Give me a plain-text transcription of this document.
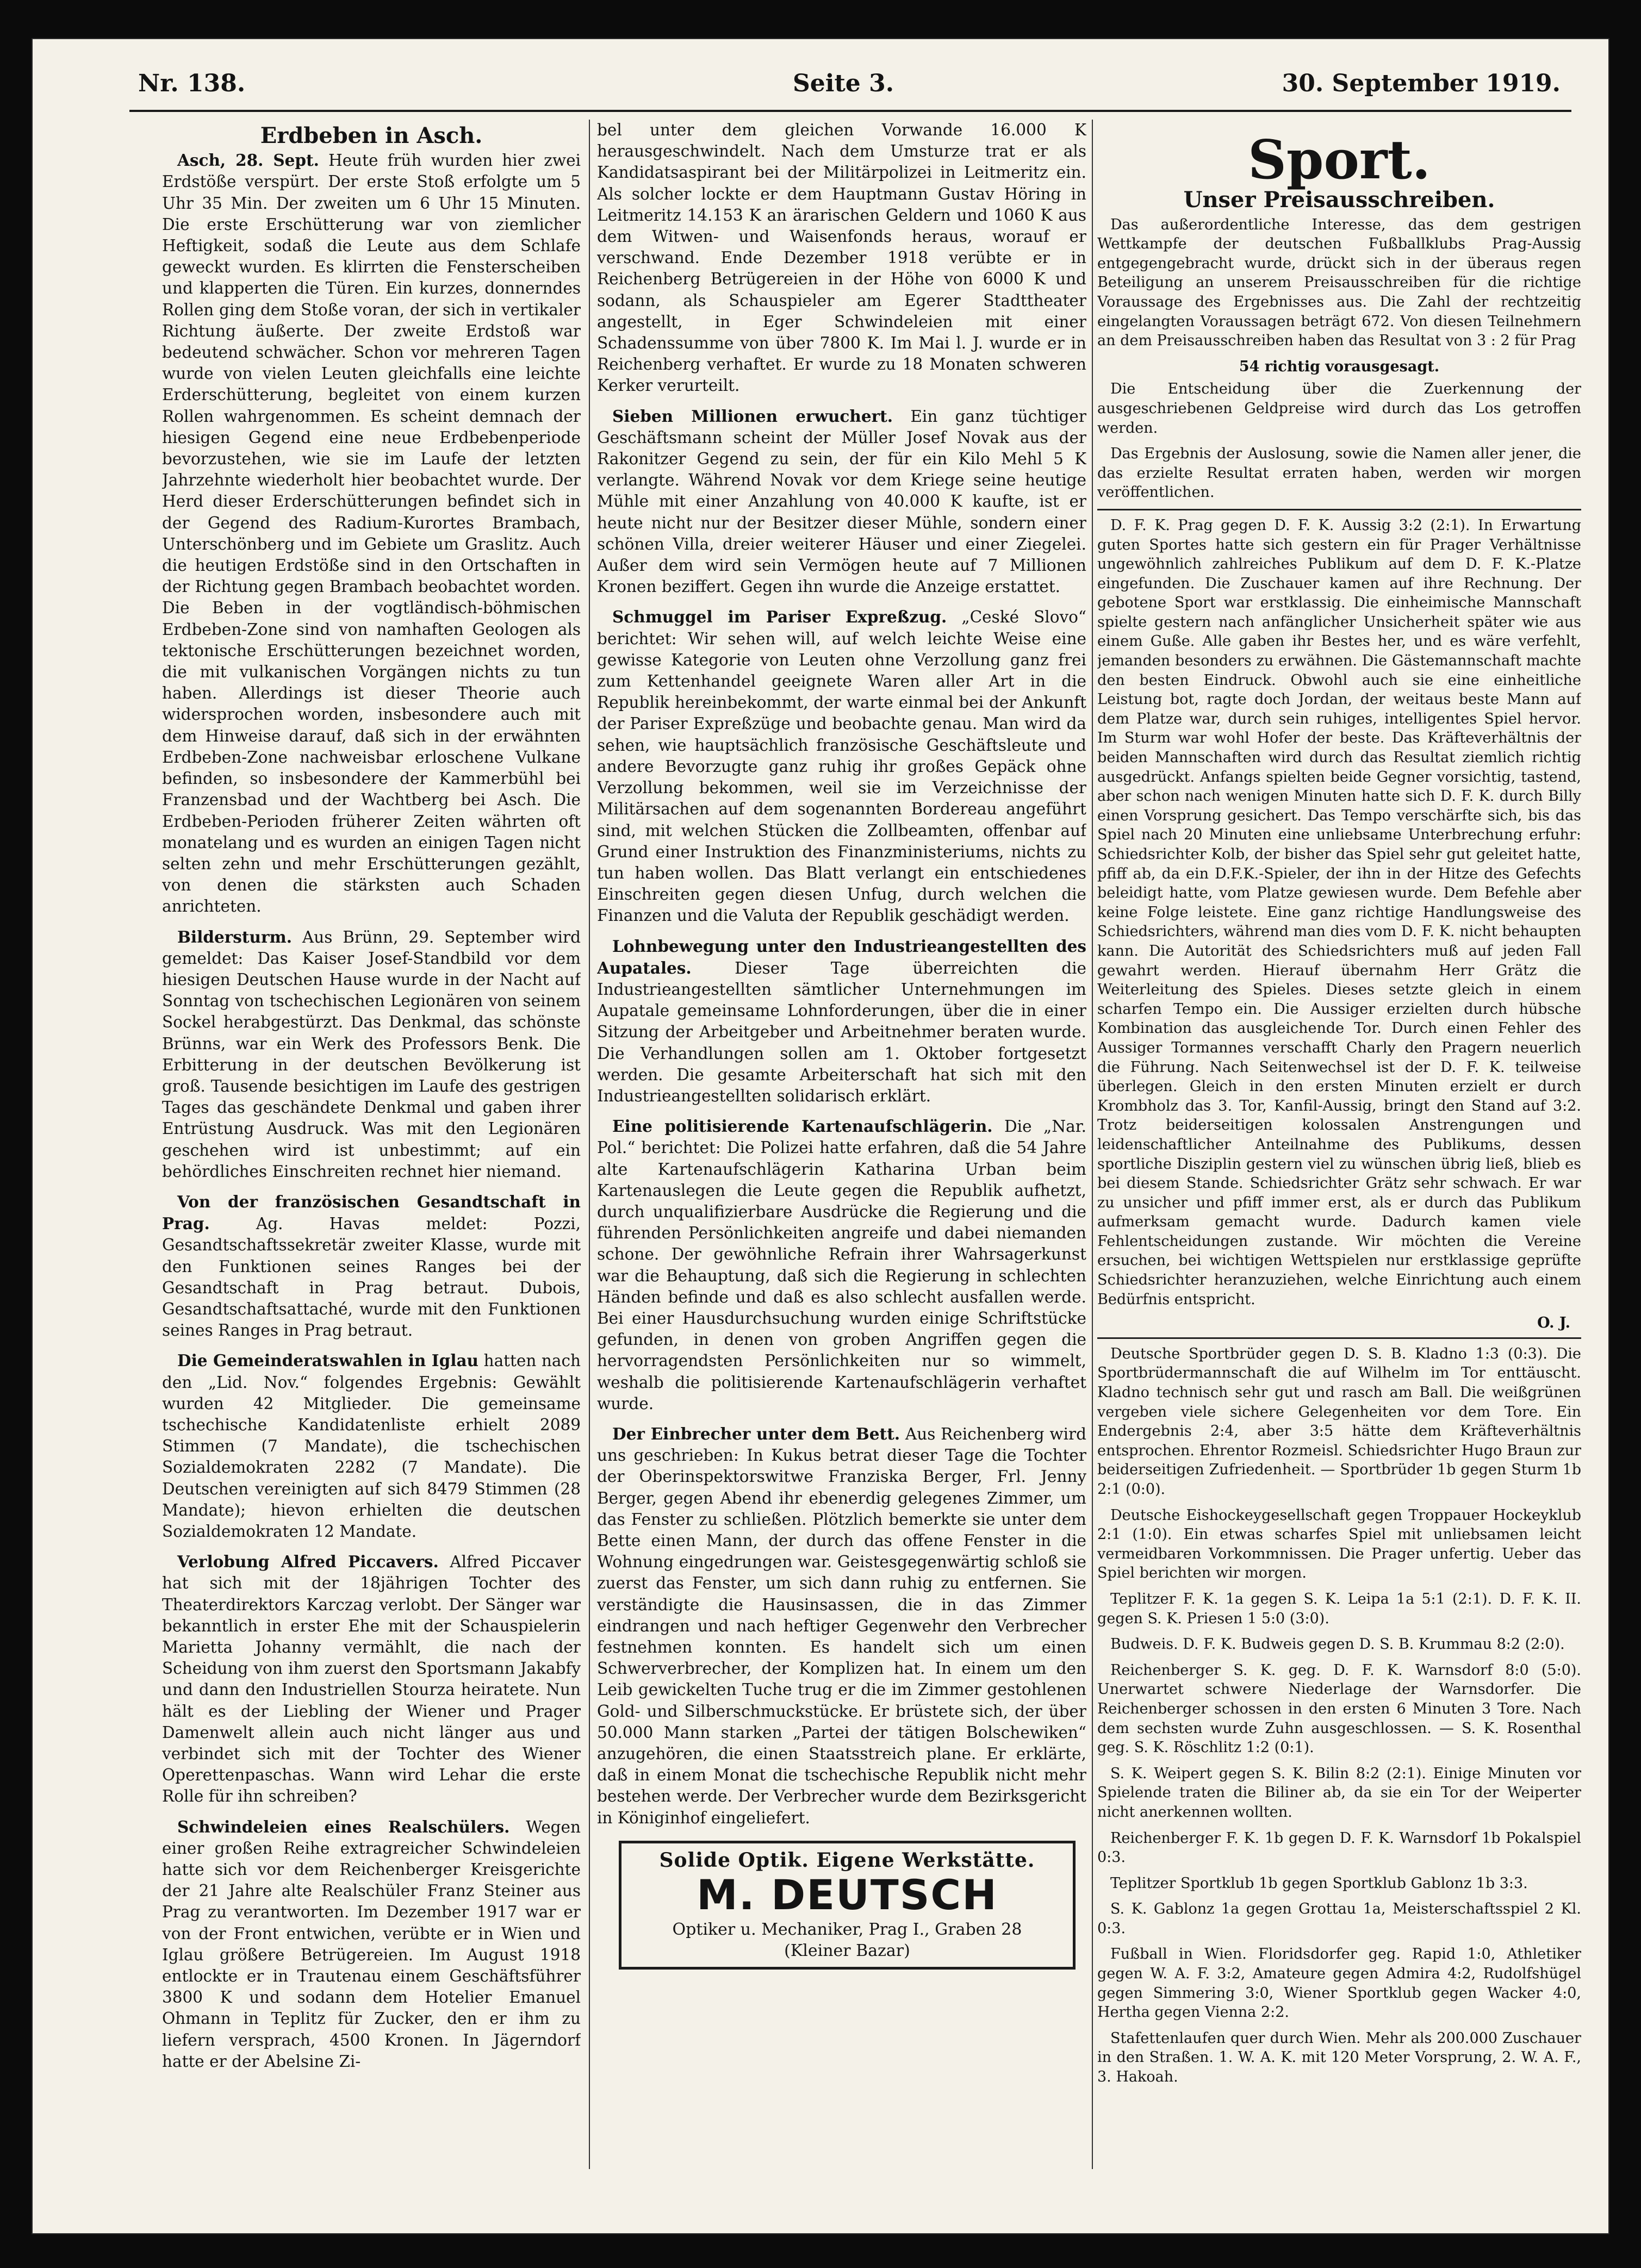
Nr. 138.	Seite 3.	30. September 1919.
Erdbeben in Asch.

Asch, 28. Sept. Heute früh wurden hier zwei Erdstöße verspürt. Der erste Stoß erfolgte um 5 Uhr 35 Min. Der zweiten um 6 Uhr 15 Minuten. Die erste Erschütterung war von ziemlicher Heftigkeit, sodaß die Leute aus dem Schlafe geweckt wurden. Es klirrten die Fensterscheiben und klapperten die Türen. Ein kurzes, donnerndes Rollen ging dem Stoße voran, der sich in vertikaler Richtung äußerte. Der zweite Erdstoß war bedeutend schwächer. Schon vor mehreren Tagen wurde von vielen Leuten gleichfalls eine leichte Erderschütterung, begleitet von einem kurzen Rollen wahrgenommen. Es scheint demnach der hiesigen Gegend eine neue Erdbebenperiode bevorzustehen, wie sie im Laufe der letzten Jahrzehnte wiederholt hier beobachtet wurde. Der Herd dieser Erderschütterungen befindet sich in der Gegend des Radium-Kurortes Brambach, Unterschönberg und im Gebiete um Graslitz. Auch die heutigen Erdstöße sind in den Ortschaften in der Richtung gegen Brambach beobachtet worden. Die Beben in der vogtländisch-böhmischen Erdbeben-Zone sind von namhaften Geologen als tektonische Erschütterungen bezeichnet worden, die mit vulkanischen Vorgängen nichts zu tun haben. Allerdings ist dieser Theorie auch widersprochen worden, insbesondere auch mit dem Hinweise darauf, daß sich in der erwähnten Erdbeben-Zone nachweisbar erloschene Vulkane befinden, so insbesondere der Kammerbühl bei Franzensbad und der Wachtberg bei Asch. Die Erdbeben-Perioden früherer Zeiten währten oft monatelang und es wurden an einigen Tagen nicht selten zehn und mehr Erschütterungen gezählt, von denen die stärksten auch Schaden anrichteten.

Bildersturm. Aus Brünn, 29. September wird gemeldet: Das Kaiser Josef-Standbild vor dem hiesigen Deutschen Hause wurde in der Nacht auf Sonntag von tschechischen Legionären von seinem Sockel herabgestürzt. Das Denkmal, das schönste Brünns, war ein Werk des Professors Benk. Die Erbitterung in der deutschen Bevölkerung ist groß. Tausende besichtigen im Laufe des gestrigen Tages das geschändete Denkmal und gaben ihrer Entrüstung Ausdruck. Was mit den Legionären geschehen wird ist unbestimmt; auf ein behördliches Einschreiten rechnet hier niemand.

Von der französischen Gesandtschaft in Prag.	Ag. Havas meldet: Pozzi, Gesandtschaftssekretär zweiter Klasse, wurde mit den Funktionen seines Ranges bei der Gesandtschaft in Prag betraut. Dubois, Gesandtschaftsattaché, wurde mit den Funktionen seines Ranges in Prag betraut.

Die Gemeinderatswahlen in Iglau hatten nach den „Lid. Nov.“ folgendes Ergebnis: Gewählt wurden 42 Mitglieder. Die gemeinsame tschechische Kandidatenliste erhielt 2089 Stimmen (7 Mandate), die tschechischen Sozialdemokraten 2282 (7 Mandate). Die Deutschen vereinigten auf sich 8479 Stimmen (28 Mandate); hievon erhielten die deutschen Sozialdemokraten 12 Mandate.

Verlobung Alfred Piccavers. Alfred Piccaver hat sich mit der 18jährigen Tochter des Theaterdirektors Karczag verlobt. Der Sänger war bekanntlich in erster Ehe mit der Schauspielerin Marietta Johanny vermählt, die nach der Scheidung von ihm zuerst den Sportsmann Jakabfy und dann den Industriellen Stourza heiratete. Nun hält es der Liebling der Wiener und Prager Damenwelt allein auch nicht länger aus und verbindet sich mit der Tochter des Wiener Operettenpaschas. Wann wird Lehar die erste Rolle für ihn schreiben?

Schwindeleien eines Realschülers. Wegen einer großen Reihe extragreicher Schwindeleien hatte sich vor dem Reichenberger Kreisgerichte der 21 Jahre alte Realschüler Franz Steiner aus Prag zu verantworten. Im Dezember 1917 war er von der Front entwichen, verübte er in Wien und Iglau größere Betrügereien. Im August 1918 entlockte er in Trautenau einem Geschäftsführer 3800 K und sodann dem Hotelier Emanuel Ohmann in Teplitz für Zucker, den er ihm zu liefern versprach, 4500 Kronen. In Jägerndorf hatte er der Abelsine Zi-

bel unter dem gleichen Vorwande 16.000 K herausgeschwindelt. Nach dem Umsturze trat er als Kandidatsaspirant bei der Militärpolizei in Leitmeritz ein. Als solcher lockte er dem Hauptmann Gustav Höring in Leitmeritz 14.153 K an ärarischen Geldern und 1060 K aus dem Witwen- und Waisenfonds heraus, worauf er verschwand. Ende Dezember 1918 verübte er in Reichenberg Betrügereien in der Höhe von 6000 K und sodann, als Schauspieler am Egerer Stadttheater angestellt, in Eger Schwindeleien mit einer Schadenssumme von über 7800 K. Im Mai l. J. wurde er in Reichenberg verhaftet. Er wurde zu 18 Monaten schweren Kerker verurteilt.

Sieben Millionen erwuchert. Ein ganz tüchtiger Geschäftsmann scheint der Müller Josef Novak aus der Rakonitzer Gegend zu sein, der für ein Kilo Mehl 5 K verlangte. Während Novak vor dem Kriege seine heutige Mühle mit einer Anzahlung von 40.000 K kaufte, ist er heute nicht nur der Besitzer dieser Mühle, sondern einer schönen Villa, dreier weiterer Häuser und einer Ziegelei. Außer dem wird sein Vermögen heute auf 7 Millionen Kronen beziffert. Gegen ihn wurde die Anzeige erstattet.

Schmuggel im Pariser Expreßzug. „Ceské Slovo“ berichtet: Wir sehen will, auf welch leichte Weise eine gewisse Kategorie von Leuten ohne Verzollung ganz frei zum Kettenhandel geeignete Waren aller Art in die Republik hereinbekommt, der warte einmal bei der Ankunft der Pariser Expreßzüge und beobachte genau. Man wird da sehen, wie hauptsächlich französische Geschäftsleute und andere Bevorzugte ganz ruhig ihr großes Gepäck ohne Verzollung bekommen, weil sie im Verzeichnisse der Militärsachen auf dem sogenannten Bordereau angeführt sind, mit welchen Stücken die Zollbeamten, offenbar auf Grund einer Instruktion des Finanzministeriums, nichts zu tun haben wollen. Das Blatt verlangt ein entschiedenes Einschreiten gegen diesen Unfug, durch welchen die Finanzen und die Valuta der Republik geschädigt werden.

Lohnbewegung unter den Industrieangestellten des Aupatales.	Dieser Tage überreichten die Industrieangestellten sämtlicher Unternehmungen im Aupatale gemeinsame Lohnforderungen, über die in einer Sitzung der Arbeitgeber und Arbeitnehmer beraten wurde. Die Verhandlungen sollen am 1. Oktober fortgesetzt werden. Die gesamte Arbeiterschaft hat sich mit den Industrieangestellten solidarisch erklärt.

Eine politisierende Kartenaufschlägerin. Die „Nar. Pol.“ berichtet: Die Polizei hatte erfahren, daß die 54 Jahre alte Kartenaufschlägerin Katharina Urban beim Kartenauslegen die Leute gegen die Republik aufhetzt, durch unqualifizierbare Ausdrücke die Regierung und die führenden Persönlichkeiten angreife und dabei niemanden schone. Der gewöhnliche Refrain ihrer Wahrsagerkunst war die Behauptung, daß sich die Regierung in schlechten Händen befinde und daß es also schlecht ausfallen werde. Bei einer Hausdurchsuchung wurden einige Schriftstücke gefunden, in denen von groben Angriffen gegen die hervorragendsten Persönlichkeiten nur so wimmelt, weshalb die politisierende Kartenaufschlägerin verhaftet wurde.

Der Einbrecher unter dem Bett. Aus Reichenberg wird uns geschrieben: In Kukus betrat dieser Tage die Tochter der Oberinspektorswitwe Franziska Berger, Frl. Jenny Berger, gegen Abend ihr ebenerdig gelegenes Zimmer, um das Fenster zu schließen. Plötzlich bemerkte sie unter dem Bette einen Mann, der durch das offene Fenster in die Wohnung eingedrungen war. Geistesgegenwärtig schloß sie zuerst das Fenster, um sich dann ruhig zu entfernen. Sie verständigte die Hausinsassen, die in das Zimmer eindrangen und nach heftiger Gegenwehr den Verbrecher festnehmen konnten. Es handelt sich um einen Schwerverbrecher, der Komplizen hat. In einem um den Leib gewickelten Tuche trug er die im Zimmer gestohlenen Gold- und Silberschmuckstücke. Er brüstete sich, der über 50.000 Mann starken „Partei der tätigen Bolschewiken“ anzugehören, die einen Staatsstreich plane. Er erklärte, daß in einem Monat die tschechische Republik nicht mehr bestehen werde. Der Verbrecher wurde dem Bezirksgericht in Königinhof eingeliefert.

Solide Optik. Eigene Werkstätte.
M. DEUTSCH
Optiker u. Mechaniker, Prag I., Graben 28
(Kleiner Bazar)
Sport.
Unser Preisausschreiben.

Das außerordentliche Interesse, das dem gestrigen Wettkampfe der deutschen Fußballklubs Prag-Aussig entgegengebracht wurde, drückt sich in der überaus regen Beteiligung an unserem Preisausschreiben für die richtige Voraussage des Ergebnisses aus. Die Zahl der rechtzeitig eingelangten Voraussagen beträgt 672. Von diesen Teilnehmern an dem Preisausschreiben haben das Resultat von 3 : 2 für Prag

54 richtig vorausgesagt.

Die Entscheidung über die Zuerkennung der ausgeschriebenen Geldpreise wird durch das Los getroffen werden.

Das Ergebnis der Auslosung, sowie die Namen aller jener, die das erzielte Resultat erraten haben, werden wir morgen veröffentlichen.

D. F. K. Prag gegen D. F. K. Aussig 3:2 (2:1). In Erwartung guten Sportes hatte sich gestern ein für Prager Verhältnisse ungewöhnlich zahlreiches Publikum auf dem D. F. K.-Platze eingefunden. Die Zuschauer kamen auf ihre Rechnung. Der gebotene Sport war erstklassig. Die einheimische Mannschaft spielte gestern nach anfänglicher Unsicherheit später wie aus einem Guße. Alle gaben ihr Bestes her, und es wäre verfehlt, jemanden besonders zu erwähnen. Die Gästemannschaft machte den besten Eindruck. Obwohl auch sie eine einheitliche Leistung bot, ragte doch Jordan, der weitaus beste Mann auf dem Platze war, durch sein ruhiges, intelligentes Spiel hervor. Im Sturm war wohl Hofer der beste. Das Kräfteverhältnis der beiden Mannschaften wird durch das Resultat ziemlich richtig ausgedrückt. Anfangs spielten beide Gegner vorsichtig, tastend, aber schon nach wenigen Minuten hatte sich D. F. K. durch Billy einen Vorsprung gesichert. Das Tempo verschärfte sich, bis das Spiel nach 20 Minuten eine unliebsame Unterbrechung erfuhr: Schiedsrichter Kolb, der bisher das Spiel sehr gut geleitet hatte, pfiff ab, da ein D.F.K.-Spieler, der ihn in der Hitze des Gefechts beleidigt hatte, vom Platze gewiesen wurde. Dem Befehle aber keine Folge leistete. Eine ganz richtige Handlungsweise des Schiedsrichters, während man dies vom D. F. K. nicht behaupten kann. Die Autorität des Schiedsrichters muß auf jeden Fall gewahrt werden. Hierauf übernahm Herr Grätz die Weiterleitung des Spieles. Dieses setzte gleich in einem scharfen Tempo ein. Die Aussiger erzielten durch hübsche Kombination das ausgleichende Tor. Durch einen Fehler des Aussiger Tormannes verschafft Charly den Pragern neuerlich die Führung. Nach Seitenwechsel ist der D. F. K. teilweise überlegen. Gleich in den ersten Minuten erzielt er durch Krombholz das 3. Tor, Kanfil-Aussig, bringt den Stand auf 3:2. Trotz beiderseitigen kolossalen Anstrengungen und leidenschaftlicher Anteilnahme des Publikums, dessen sportliche Disziplin gestern viel zu wünschen übrig ließ, blieb es bei diesem Stande. Schiedsrichter Grätz sehr schwach. Er war zu unsicher und pfiff immer erst, als er durch das Publikum aufmerksam gemacht wurde. Dadurch kamen viele Fehlentscheidungen zustande. Wir möchten die Vereine ersuchen, bei wichtigen Wettspielen nur erstklassige geprüfte Schiedsrichter heranzuziehen, welche Einrichtung auch einem Bedürfnis entspricht.

O. J.

Deutsche Sportbrüder gegen D. S. B. Kladno 1:3 (0:3). Die Sportbrüdermannschaft die auf Wilhelm im Tor enttäuscht. Kladno technisch sehr gut und rasch am Ball. Die weißgrünen vergeben viele sichere Gelegenheiten vor dem Tore. Ein Endergebnis 2:4, aber 3:5 hätte dem Kräfteverhältnis entsprochen. Ehrentor Rozmeisl. Schiedsrichter Hugo Braun zur beiderseitigen Zufriedenheit. — Sportbrüder 1b gegen Sturm 1b 2:1 (0:0).

Deutsche Eishockeygesellschaft gegen Troppauer Hockeyklub 2:1 (1:0). Ein etwas scharfes Spiel mit unliebsamen leicht vermeidbaren Vorkommnissen. Die Prager unfertig. Ueber das Spiel berichten wir morgen.

Teplitzer F. K. 1a gegen S. K. Leipa 1a 5:1 (2:1). D. F. K. II. gegen S. K. Priesen 1 5:0 (3:0).

Budweis. D. F. K. Budweis gegen D. S. B. Krummau 8:2 (2:0).

Reichenberger S. K. geg. D. F. K. Warnsdorf 8:0 (5:0). Unerwartet schwere Niederlage der Warnsdorfer. Die Reichenberger schossen in den ersten 6 Minuten 3 Tore. Nach dem sechsten wurde Zuhn ausgeschlossen. — S. K. Rosenthal geg. S. K. Röschlitz 1:2 (0:1).

S. K. Weipert gegen S. K. Bilin 8:2 (2:1). Einige Minuten vor Spielende traten die Biliner ab, da sie ein Tor der Weiperter nicht anerkennen wollten.

Reichenberger F. K. 1b gegen D. F. K. Warnsdorf 1b Pokalspiel 0:3.

Teplitzer Sportklub 1b gegen Sportklub Gablonz 1b 3:3.

S. K. Gablonz 1a gegen Grottau 1a, Meisterschaftsspiel 2 Kl. 0:3.

Fußball in Wien. Floridsdorfer geg. Rapid 1:0, Athletiker gegen W. A. F. 3:2, Amateure gegen Admira 4:2, Rudolfshügel gegen Simmering 3:0, Wiener Sportklub gegen Wacker 4:0, Hertha gegen Vienna 2:2.

Stafettenlaufen quer durch Wien. Mehr als 200.000 Zuschauer in den Straßen. 1. W. A. K. mit 120 Meter Vorsprung, 2. W. A. F., 3. Hakoah.
